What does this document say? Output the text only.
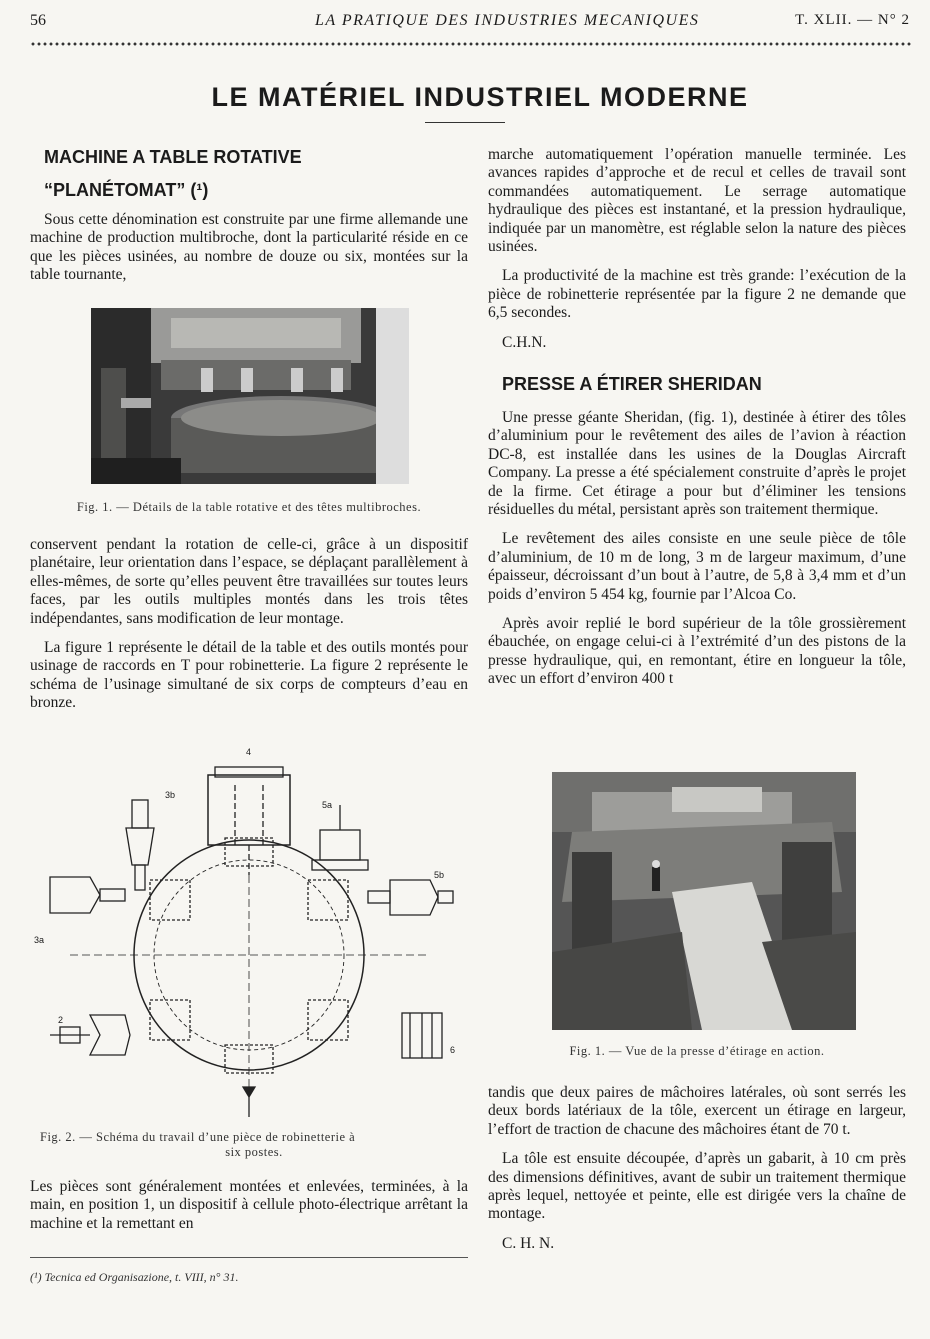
56	LA PRATIQUE DES INDUSTRIES MECANIQUES	T. XLII. — N° 2
LE MATÉRIEL INDUSTRIEL MODERNE

MACHINE A TABLE ROTATIVE

“PLANÉTOMAT” (¹)

Sous cette dénomination est construite par une firme allemande une machine de production multibroche, dont la particularité réside en ce que les pièces usinées, au nombre de douze ou six, montées sur la table tournante,

Fig. 1. — Détails de la table rotative et des têtes multibroches.

conservent pendant la rotation de celle-ci, grâce à un dispositif planétaire, leur orientation dans l’espace, se déplaçant parallèlement à elles-mêmes, de sorte qu’elles peuvent être travaillées sur toutes leurs faces, par les outils multiples montés dans les trois têtes indépendantes, sans modification de leur montage.

La figure 1 représente le détail de la table et des outils montés pour usinage de raccords en T pour robinetterie. La figure 2 représente le schéma de l’usinage simultané de six corps de compteurs d’eau en bronze.

4
3b
5a
3a
5b
2
6
Fig. 2. — Schéma du travail d’une pièce de robinetterie à
six postes.

Les pièces sont généralement montées et enlevées, terminées, à la main, en position 1, un dispositif à cellule photo-électrique arrêtant la machine et la remettant en

(¹) Tecnica ed Organisazione, t. VIII, n° 31.

marche automatiquement l’opération manuelle terminée. Les avances rapides d’approche et de recul et celles de travail sont commandées automatiquement. Le serrage automatique hydraulique des pièces est instantané, et la pression hydraulique, indiquée par un manomètre, est réglable selon la nature des pièces usinées.

La productivité de la machine est très grande: l’exécution de la pièce de robinetterie représentée par la figure 2 ne demande que 6,5 secondes.

C.H.N.

PRESSE A ÉTIRER SHERIDAN

Une presse géante Sheridan, (fig. 1), destinée à étirer des tôles d’aluminium pour le revêtement des ailes de l’avion à réaction DC-8, est installée dans les usines de la Douglas Aircraft Company. La presse a été spécialement construite d’après le projet de la firme. Cet étirage a pour but d’éliminer les tensions résiduelles du métal, persistant après son traitement thermique.

Le revêtement des ailes consiste en une seule pièce de tôle d’aluminium, de 10 m de long, 3 m de largeur maximum, d’une épaisseur, décroissant d’un bout à l’autre, de 5,8 à 3,4 mm et d’un poids d’environ 5 454 kg, fournie par l’Alcoa Co.

Après avoir replié le bord supérieur de la tôle grossièrement ébauchée, on engage celui-ci à l’extrémité d’un des pistons de la presse hydraulique, qui, en remontant, étire en longueur la tôle, avec un effort d’environ 400 t

Fig. 1. — Vue de la presse d’étirage en action.

tandis que deux paires de mâchoires latérales, où sont serrés les deux bords latériaux de la tôle, exercent un étirage en largeur, l’effort de traction de chacune des mâchoires étant de 70 t.

La tôle est ensuite découpée, d’après un gabarit, à 10 cm près des dimensions définitives, avant de subir un traitement thermique après lequel, nettoyée et peinte, elle est dirigée vers la chaîne de montage.

C. H. N.
